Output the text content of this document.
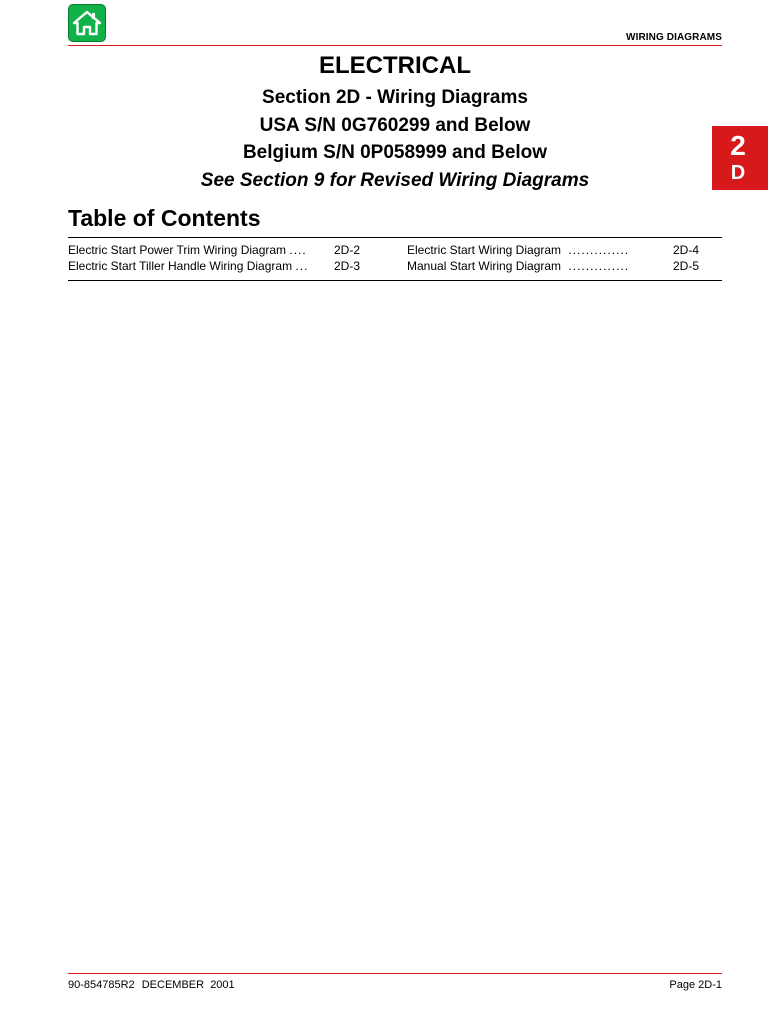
WIRING DIAGRAMS
ELECTRICAL
Section 2D - Wiring Diagrams
USA S/N 0G760299 and Below
Belgium S/N 0P058999 and Below
See Section 9 for Revised Wiring Diagrams
2
D
Table of Contents
Electric Start Power Trim Wiring Diagram .... 2D-2
Electric Start Tiller Handle Wiring Diagram ... 2D-3
Electric Start Wiring Diagram ..............	2D-4
Manual Start Wiring Diagram ..............	2D-5
90-854785R2 DECEMBER  2001	Page 2D-1
